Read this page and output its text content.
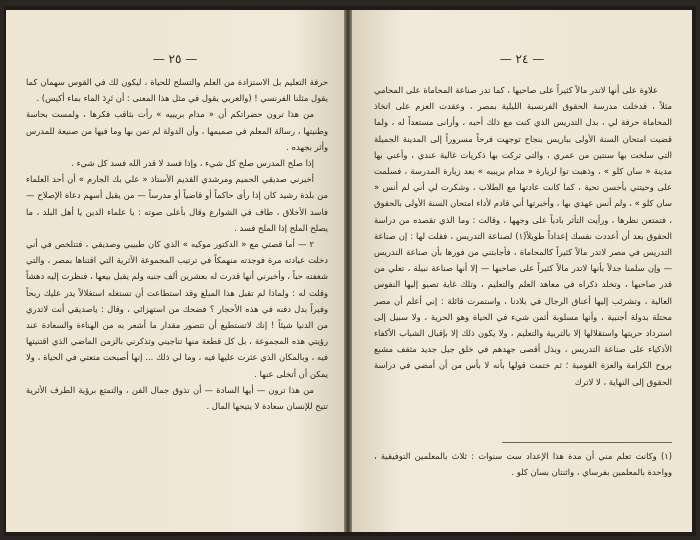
— ٢٥ —

حرفة التعليم بل الاستزادة من العلم والتسلح للحياة ، ليكون لك في القوس سهمان كما يقول مثلنا الفرنسي ! (والعربي يقول في مثل هذا المعنى : أن تَرِدَ الماء بماء أكيس) .

من هذا ترون حضراتكم أن « مدام بريبيه » رأت بثاقب فكرها ، ولمست بحاسة وطنيتها ، رسالة المعلم في صميمها ، وأن الدولة لم تمن بها وما فيها من صنيعة للمدرس وأثر بجهده .

إذا صلح المدرس صلح كل شيء ، وإذا فسد لا قدر الله فسد كل شيء .

أخبرني صديقي الحميم ومرشدي القديم الأستاذ « علي بك الجارم » أن أحد العلماء من بلدة رشيد كان إذا رأى حاكماً أو قاضياً أو مدرساً — من يقبل أسهم دعاة الإصلاح — فاسد الأخلاق ، طاف في الشوارع وقال بأعلى صوته : يا علماء الدين يا أهل البلد ، ما يصلح الملح إذا الملح فسد .

٢ — أما قصتي مع « الدكتور موكيه » الذي كان طبيبي وصديقي ، فتتلخص في أني دخلت عيادته مرة فوجدته منهمكاً في ترتيب المجموعة الأثرية التي اقتناها بمصر ، والتي شغفته حباً ، وأخبرني أنها قدرت له بعشرين ألف جنيه ولم يقبل بيعها ، فنظرت إليه دهشاً وقلت له : ولماذا لم تقبل هذا المبلغ وقد استطاعت أن تستغله استغلالاً يدر عليك ربحاً وفيراً بدل دفنه في هذه الأحجار ؟ فضحك من استهزائي ، وقال : ياصديقي أنت لاتدري من الدنيا شيئاً ! إنك لاتستطيع أن تتصور مقدار ما أشعر به من الهناءة والسعادة عند رؤيتي هذه المجموعة ، بل كل قطعة منها تناجيني وتذكرني بالزمن الماضي الذي اقتنيتها فيه ، وبالمكان الذي عثرت عليها فيه ، وما لي ذلك ... إنها أصبحت متعتي في الحياة ، ولا يمكن أن أتخلى عنها .

من هذا ترون — أيها السادة — أن تذوق جمال الفن ، والتمتع برؤية الطرف الأثرية تتيح للإنسان سعادة لا يتيحها المال .

— ٢٤ —

علاوة على أنها لاتدر مالاً كثيراً على صاحبها ، كما تدر صناعة المحاماة على المحامي مثلاً ، فدخلت مدرسة الحقوق الفرنسية الليلية بمصر ، وعقدت العزم على اتخاذ المحاماة حرفة لي ، بدل التدريس الذي كنت مع ذلك أحبه ، وأرانى مستعداً له ، ولما قضيت امتحان السنة الأولى بباريس بنجاح توجهت فرحاً مسروراً إلى المدينة الجميلة التي سلخت بها سنتين من عمري ، والتي تركت بها ذكريات غالية عندي ، وأعني بها مدينة « سان كلو » ، وذهبت توا لزيارة « مدام بريبيه » بعد زيارة المدرسة ، فسلمت على وحيتني بأحسن تحية ، كما كانت عادتها مع الطلاب ، وشكرت لي أني لم أنس « سان كلو » ، ولم أنس عهدي بها ، وأخبرتها أني قادم لأداء امتحان السنة الأولى بالحقوق ، فتمتعن نظرها ، ورأيت التأثر بادياً على وجهها ، وقالت : وما الذي تقصده من دراسة الحقوق بعد أن أعددت نفسك إعداداً طويلاً(١) لصناعة التدريس ، فقلت لها : إن صناعة التدريس في مصر لاتدر مالاً كثيراً كالمحاماة ، فأجابتني من فورها بأن صناعة التدريس — وإن سلمنا جدلاً بأنها لاتدر مالاً كثيراً على صاحبها — إلا أنها صناعة نبيلة ، تعلي من قدر صاحبها ، وتخلد ذكراه في معاهد العلم والتعليم ، وتلك غاية تصبو إليها النفوس العالية ، وتشرئب إليها أعناق الرجال في بلادنا ، واستمرت قائلة : إني أعلم أن مصر محتلة بدولة أجنبية ، وأنها مسلوبة أثمن شيء في الحياة وهو الحرية ، ولا سبيل إلى استرداد حريتها واستقلالها إلا بالتربية والتعليم ، ولا يكون ذلك إلا بإقبال الشباب الأكفاء الأذكياء على صناعة التدريس ، وبذل أقصى جهدهم في خلق جيل جديد مثقف مشبع بروح الكرامة والعزة القومية ؛ ثم ختمت قولها بأنه لا بأس من أن أمضي في دراسة الحقوق إلى النهاية ، لا لاترك

(١) وكانت تعلم مني أن مدة هذا الإعداد ست سنوات : ثلاث بالمعلمين التوفيقية ، وواحدة بالمعلمين بفرساي ، واثنتان بسان كلو .
